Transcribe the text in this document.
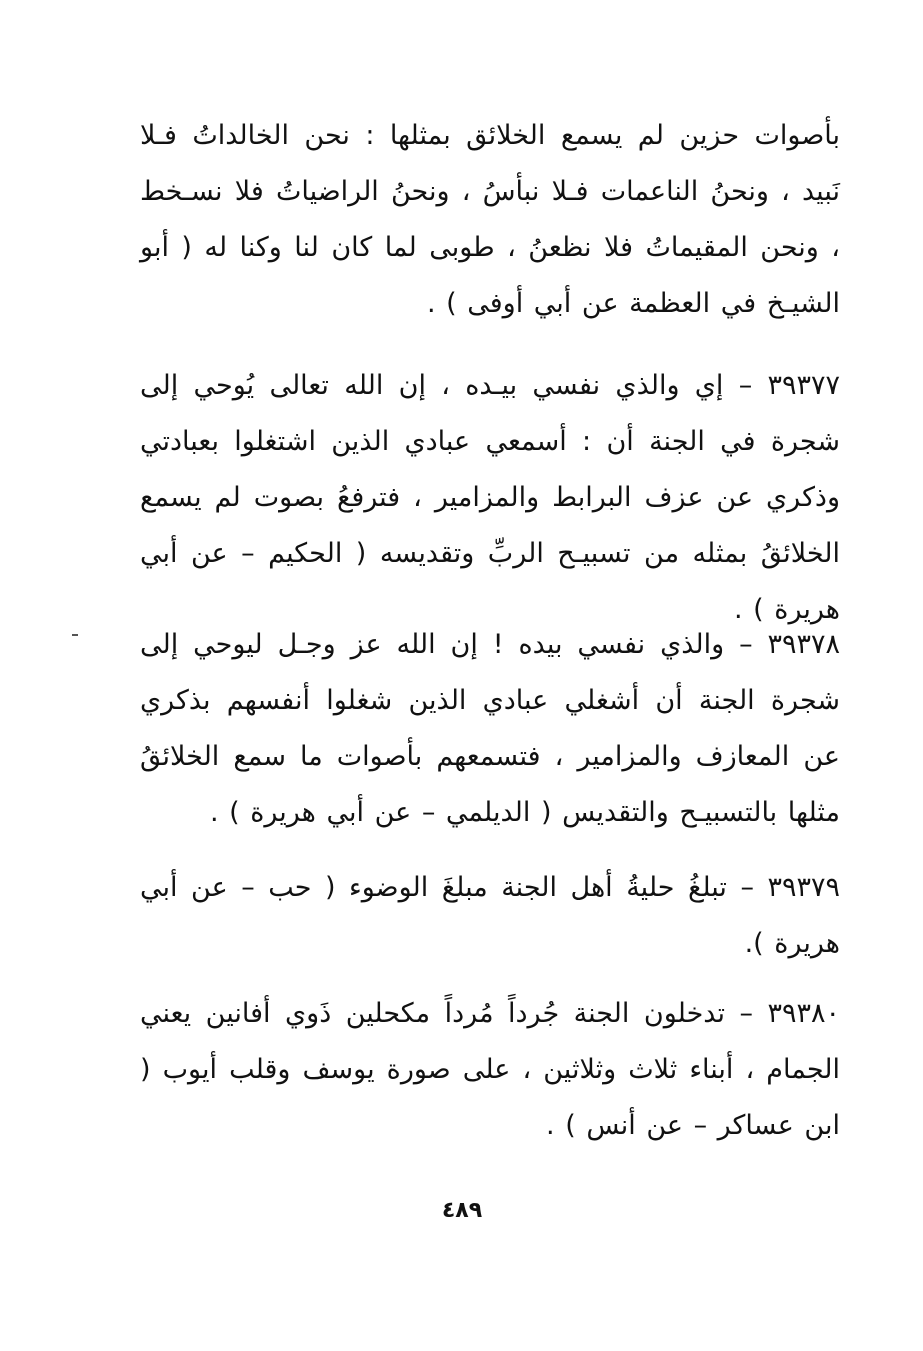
بأصوات حزين لم يسمع الخلائق بمثلها : نحن الخالداتُ فـلا نَبيد ، ونحنُ الناعمات فـلا نبأسُ ، ونحنُ الراضياتُ فلا نسـخط ، ونحن المقيماتُ فلا نظعنُ ، طوبى لما كان لنا وكنا له ( أبو الشيـخ في العظمة عن أبي أوفى ) .
٣٩٣٧٧ – إي والذي نفسي بيـده ، إن الله تعالى يُوحي إلى شجرة في الجنة أن : أسمعي عبادي الذين اشتغلوا بعبادتي وذكري عن عزف البرابط والمزامير ، فترفعُ بصوت لم يسمع الخلائقُ بمثله من تسبيـح الربِّ وتقديسه ( الحكيم – عن أبي هريرة ) .
٣٩٣٧٨ – والذي نفسي بيده ! إن الله عز وجـل ليوحي إلى شجرة الجنة أن أشغلي عبادي الذين شغلوا أنفسهم بذكري عن المعازف والمزامير ، فتسمعهم بأصوات ما سمع الخلائقُ مثلها بالتسبيـح والتقديس ( الديلمي – عن أبي هريرة ) .
٣٩٣٧٩ – تبلغُ حليةُ أهل الجنة مبلغَ الوضوء ( حب – عن أبي هريرة ).
٣٩٣٨٠ – تدخلون الجنة جُرداً مُرداً مكحلين ذَوي أفانين يعني الجمام ، أبناء ثلاث وثلاثين ، على صورة يوسف وقلب أيوب ( ابن عساكر – عن أنس ) .
٤٨٩
